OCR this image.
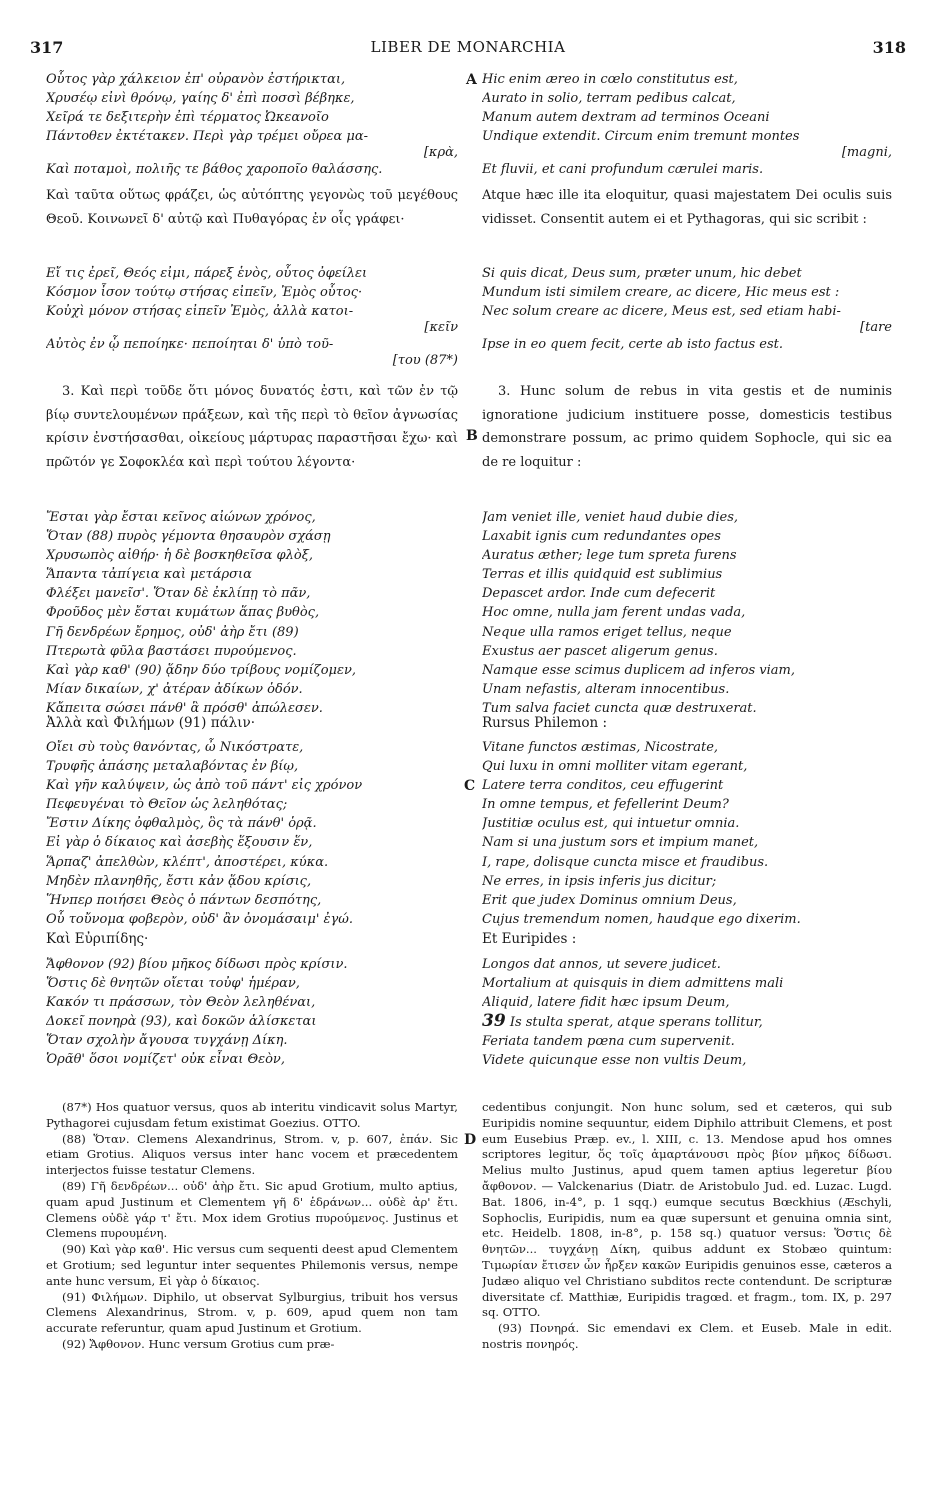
317	LIBER DE MONARCHIA	318
A
B
C
D
Οὗτος γὰρ χάλκειον ἐπ' οὐρανὸν ἐστήρικται,
Χρυσέῳ εἰνὶ θρόνῳ, γαίης δ' ἐπὶ ποσσὶ βέβηκε,
Χεῖρά τε δεξιτερὴν ἐπὶ τέρματος Ὠκεανοῖο
Πάντοθεν ἐκτέτακεν. Περὶ γὰρ τρέμει οὔρεα μα-
[κρὰ,
Καὶ ποταμοὶ, πολιῆς τε βάθος χαροποῖο θαλάσσης.
Καὶ ταῦτα οὕτως φράζει, ὡς αὐτόπτης γεγονὼς τοῦ μεγέθους Θεοῦ. Κοινωνεῖ δ' αὐτῷ καὶ Πυθαγόρας ἐν οἷς γράφει·
Εἴ τις ἐρεῖ, Θεός εἰμι, πάρεξ ἑνὸς, οὗτος ὀφείλει
Κόσμον ἶσον τούτῳ στήσας εἰπεῖν, Ἐμὸς οὗτος·
Κοὐχὶ μόνον στήσας εἰπεῖν Ἐμὸς, ἀλλὰ κατοι-
[κεῖν
Αὐτὸς ἐν ᾧ πεποίηκε· πεποίηται δ' ὑπὸ τοῦ-
[του (87*)
3. Καὶ περὶ τοῦδε ὅτι μόνος δυνατός ἐστι, καὶ τῶν ἐν τῷ βίῳ συντελουμένων πράξεων, καὶ τῆς περὶ τὸ θεῖον ἀγνωσίας κρίσιν ἐνστήσασθαι, οἰκείους μάρτυρας παραστῆσαι ἔχω· καὶ πρῶτόν γε Σοφοκλέα καὶ περὶ τούτου λέγοντα·
Ἔσται γὰρ ἔσται κεῖνος αἰώνων χρόνος,
Ὅταν (88) πυρὸς γέμοντα θησαυρὸν σχάσῃ
Χρυσωπὸς αἰθήρ· ἡ δὲ βοσκηθεῖσα φλὸξ,
Ἅπαντα τἀπίγεια καὶ μετάρσια
Φλέξει μανεῖσ'. Ὅταν δὲ ἐκλίπῃ τὸ πᾶν,
Φροῦδος μὲν ἔσται κυμάτων ἅπας βυθὸς,
Γῆ δενδρέων ἔρημος, οὐδ' ἀὴρ ἔτι (89)
Πτερωτὰ φῦλα βαστάσει πυρούμενος.
Καὶ γὰρ καθ' (90) ᾅδην δύο τρίβους νομίζομεν,
Μίαν δικαίων, χ' ἀτέραν ἀδίκων ὁδόν.
Κἄπειτα σώσει πάνθ' ἃ πρόσθ' ἀπώλεσεν.
Ἀλλὰ καὶ Φιλήμων (91) πάλιν·
Οἴει σὺ τοὺς θανόντας, ὦ Νικόστρατε,
Τρυφῆς ἁπάσης μεταλαβόντας ἐν βίῳ,
Καὶ γῆν καλύψειν, ὡς ἀπὸ τοῦ πάντ' εἰς χρόνον
Πεφευγέναι τὸ Θεῖον ὡς λεληθότας;
Ἔστιν Δίκης ὀφθαλμὸς, ὃς τὰ πάνθ' ὁρᾷ.
Εἰ γὰρ ὁ δίκαιος καὶ ἀσεβὴς ἕξουσιν ἕν,
Ἅρπαζ' ἀπελθὼν, κλέπτ', ἀποστέρει, κύκα.
Μηδὲν πλανηθῆς, ἔστι κἀν ᾅδου κρίσις,
Ἥνπερ ποιήσει Θεὸς ὁ πάντων δεσπότης,
Οὗ τοὔνομα φοβερὸν, οὐδ' ἂν ὀνομάσαιμ' ἐγώ.
Καὶ Εὐριπίδης·
Ἄφθονον (92) βίου μῆκος δίδωσι πρὸς κρίσιν.
Ὅστις δὲ θνητῶν οἴεται τοὐφ' ἡμέραν,
Κακόν τι πράσσων, τὸν Θεὸν λεληθέναι,
Δοκεῖ πονηρὰ (93), καὶ δοκῶν ἁλίσκεται
Ὅταν σχολὴν ἄγουσα τυγχάνῃ Δίκη.
Ὁρᾶθ' ὅσοι νομίζετ' οὐκ εἶναι Θεὸν,
Hic enim æreo in cœlo constitutus est,
Aurato in solio, terram pedibus calcat,
Manum autem dextram ad terminos Oceani
Undique extendit. Circum enim tremunt montes
[magni,
Et fluvii, et cani profundum cærulei maris.
Atque hæc ille ita eloquitur, quasi majestatem Dei oculis suis vidisset. Consentit autem ei et Pythagoras, qui sic scribit :
Si quis dicat, Deus sum, præter unum, hic debet
Mundum isti similem creare, ac dicere, Hic meus est :
Nec solum creare ac dicere, Meus est, sed etiam habi-
[tare
Ipse in eo quem fecit, certe ab isto factus est.
3. Hunc solum de rebus in vita gestis et de numinis ignoratione judicium instituere posse, domesticis testibus demonstrare possum, ac primo quidem Sophocle, qui sic ea de re loquitur :
Jam veniet ille, veniet haud dubie dies,
Laxabit ignis cum redundantes opes
Auratus æther; lege tum spreta furens
Terras et illis quidquid est sublimius
Depascet ardor. Inde cum defecerit
Hoc omne, nulla jam ferent undas vada,
Neque ulla ramos eriget tellus, neque
Exustus aer pascet aligerum genus.
Namque esse scimus duplicem ad inferos viam,
Unam nefastis, alteram innocentibus.
Tum salva faciet cuncta quæ destruxerat.
Rursus Philemon :
Vitane functos æstimas, Nicostrate,
Qui luxu in omni molliter vitam egerant,
Latere terra conditos, ceu effugerint
In omne tempus, et fefellerint Deum?
Justitiæ oculus est, qui intuetur omnia.
Nam si una justum sors et impium manet,
I, rape, dolisque cuncta misce et fraudibus.
Ne erres, in ipsis inferis jus dicitur;
Erit que judex Dominus omnium Deus,
Cujus tremendum nomen, haudque ego dixerim.
Et Euripides :
Longos dat annos, ut severe judicet.
Mortalium at quisquis in diem admittens mali
Aliquid, latere fidit hæc ipsum Deum,
39 Is stulta sperat, atque sperans tollitur,
Feriata tandem pœna cum supervenit.
Videte quicunque esse non vultis Deum,

(87*) Hos quatuor versus, quos ab interitu vindicavit solus Martyr, Pythagorei cujusdam fetum existimat Goezius. OTTO.

(88) Ὅταν. Clemens Alexandrinus, Strom. v, p. 607, ἐπάν. Sic etiam Grotius. Aliquos versus inter hanc vocem et præcedentem interjectos fuisse testatur Clemens.

(89) Γῆ δενδρέων... οὐδ' ἀὴρ ἔτι. Sic apud Grotium, multo aptius, quam apud Justinum et Clementem γῆ δ' ἑδράνων... οὐδὲ ἀρ' ἔτι. Clemens οὐδὲ γάρ τ' ἔτι. Mox idem Grotius πυρούμενος. Justinus et Clemens πυρουμένη.

(90) Καὶ γὰρ καθ'. Hic versus cum sequenti deest apud Clementem et Grotium; sed leguntur inter sequentes Philemonis versus, nempe ante hunc versum, Εἰ γὰρ ὁ δίκαιος.

(91) Φιλήμων. Diphilo, ut observat Sylburgius, tribuit hos versus Clemens Alexandrinus, Strom. v, p. 609, apud quem non tam accurate referuntur, quam apud Justinum et Grotium.

(92) Ἄφθονον. Hunc versum Grotius cum præ-

cedentibus conjungit. Non hunc solum, sed et cæteros, qui sub Euripidis nomine sequuntur, eidem Diphilo attribuit Clemens, et post eum Eusebius Præp. ev., l. XIII, c. 13. Mendose apud hos omnes scriptores legitur, ὅς τοῖς ἁμαρτάνουσι πρὸς βίον μῆκος δίδωσι. Melius multo Justinus, apud quem tamen aptius legeretur βίου ἄφθονον. — Valckenarius (Diatr. de Aristobulo Jud. ed. Luzac. Lugd. Bat. 1806, in-4°, p. 1 sqq.) eumque secutus Bœckhius (Æschyli, Sophoclis, Euripidis, num ea quæ supersunt et genuina omnia sint, etc. Heidelb. 1808, in-8°, p. 158 sq.) quatuor versus: Ὅστις δὲ θνητῶν... τυγχάνῃ Δίκη, quibus addunt ex Stobæo quintum: Τιμωρίαν ἔτισεν ὧν ἦρξεν κακῶν Euripidis genuinos esse, cæteros a Judæo aliquo vel Christiano subditos recte contendunt. De scripturæ diversitate cf. Matthiæ, Euripidis tragœd. et fragm., tom. IX, p. 297 sq. OTTO.

(93) Πονηρά. Sic emendavi ex Clem. et Euseb. Male in edit. nostris πονηρός.
